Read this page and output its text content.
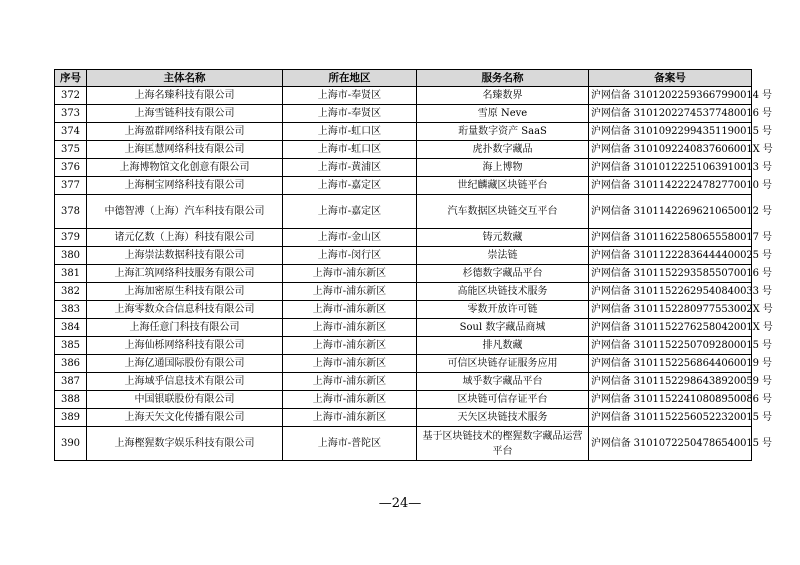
序号	主体名称	所在地区	服务名称	备案号
372	上海名臻科技有限公司	上海市-奉贤区	名臻数界	沪网信备 31012022593667990014 号
373	上海雪链科技有限公司	上海市-奉贤区	雪原 Neve	沪网信备 31012022745377480016 号
374	上海盈群网络科技有限公司	上海市-虹口区	珩量数字资产 SaaS	沪网信备 31010922994351190015 号
375	上海匡慧网络科技有限公司	上海市-虹口区	虎扑数字藏品	沪网信备 3101092240837606001X 号
376	上海博物馆文化创意有限公司	上海市-黄浦区	海上博物	沪网信备 31010122251063910013 号
377	上海桐宝网络科技有限公司	上海市-嘉定区	世纪麟藏区块链平台	沪网信备 31011422224782770010 号
378	中德智溥（上海）汽车科技有限公司	上海市-嘉定区	汽车数据区块链交互平台	沪网信备 31011422696210650012 号
379	诸元亿数（上海）科技有限公司	上海市-金山区	铸元数藏	沪网信备 31011622580655580017 号
380	上海崇法数据科技有限公司	上海市-闵行区	崇法链	沪网信备 31011222836444400025 号
381	上海汇筑网络科技服务有限公司	上海市-浦东新区	杉德数字藏品平台	沪网信备 31011522935855070016 号
382	上海加密原生科技有限公司	上海市-浦东新区	高能区块链技术服务	沪网信备 31011522629540840033 号
383	上海零数众合信息科技有限公司	上海市-浦东新区	零数开放许可链	沪网信备 3101152280977553002X 号
384	上海任意门科技有限公司	上海市-浦东新区	Soul 数字藏品商城	沪网信备 3101152276258042001X 号
385	上海仙栎网络科技有限公司	上海市-浦东新区	排凡数藏	沪网信备 31011522507092800015 号
386	上海亿通国际股份有限公司	上海市-浦东新区	可信区块链存证服务应用	沪网信备 31011522568644060019 号
387	上海域乎信息技术有限公司	上海市-浦东新区	域乎数字藏品平台	沪网信备 31011522986438920059 号
388	中国银联股份有限公司	上海市-浦东新区	区块链可信存证平台	沪网信备 31011522410808950086 号
389	上海天矢文化传播有限公司	上海市-浦东新区	天矢区块链技术服务	沪网信备 31011522560522320015 号
390	上海樫猩数字娱乐科技有限公司	上海市-普陀区	基于区块链技术的樫猩数字藏品运营平台	沪网信备 31010722504786540015 号
—24—
